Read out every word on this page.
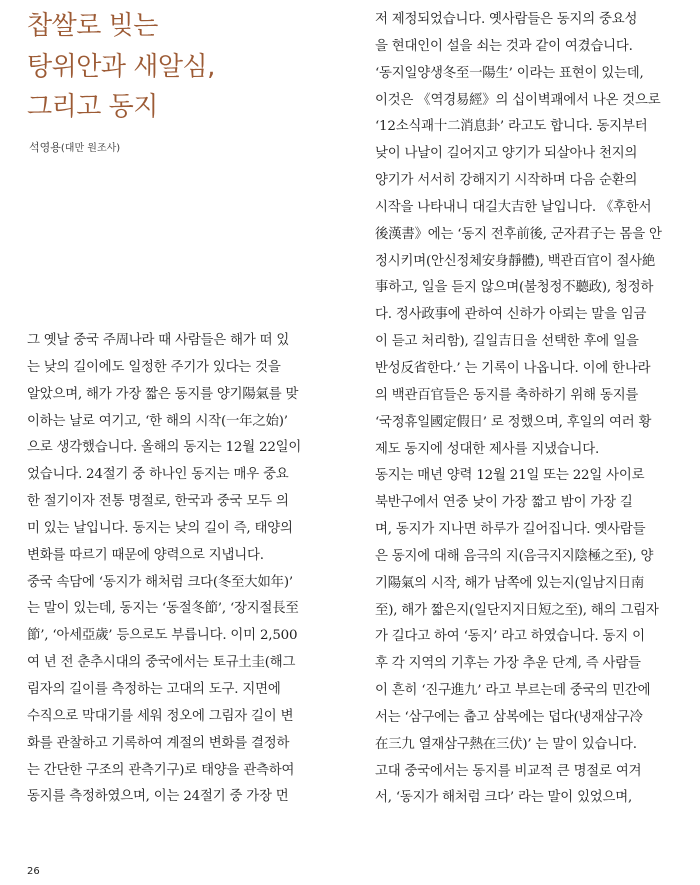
찹쌀로 빚는
탕위안과 새알심,
그리고 동지
석영용(대만 원조사)
그 옛날 중국 주周나라 때 사람들은 해가 떠 있
는 낮의 길이에도 일정한 주기가 있다는 것을
알았으며, 해가 가장 짧은 동지를 양기陽氣를 맞
이하는 날로 여기고, ‘한 해의 시작(一年之始)’
으로 생각했습니다. 올해의 동지는 12월 22일이
었습니다. 24절기 중 하나인 동지는 매우 중요
한 절기이자 전통 명절로, 한국과 중국 모두 의
미 있는 날입니다. 동지는 낮의 길이 즉, 태양의
변화를 따르기 때문에 양력으로 지냅니다.
중국 속담에 ‘동지가 해처럼 크다(冬至大如年)’
는 말이 있는데, 동지는 ‘동절冬節’, ‘장지절長至
節’, ‘아세亞歲’ 등으로도 부릅니다. 이미 2,500
여 년 전 춘추시대의 중국에서는 토규土圭(해그
림자의 길이를 측정하는 고대의 도구. 지면에
수직으로 막대기를 세워 정오에 그림자 길이 변
화를 관찰하고 기록하여 계절의 변화를 결정하
는 간단한 구조의 관측기구)로 태양을 관측하여
동지를 측정하였으며, 이는 24절기 중 가장 먼
저 제정되었습니다. 옛사람들은 동지의 중요성
을 현대인이 설을 쇠는 것과 같이 여겼습니다.
‘동지일양생冬至一陽生’ 이라는 표현이 있는데,
이것은 《역경易經》의 십이벽괘에서 나온 것으로
‘12소식괘十二消息卦’ 라고도 합니다. 동지부터
낮이 나날이 길어지고 양기가 되살아나 천지의
양기가 서서히 강해지기 시작하며 다음 순환의
시작을 나타내니 대길大吉한 날입니다. 《후한서
後漢書》에는 ‘동지 전후前後, 군자君子는 몸을 안
정시키며(안신정체安身靜體), 백관百官이 절사絶
事하고, 일을 듣지 않으며(불청정不聽政), 청정하
다. 정사政事에 관하여 신하가 아뢰는 말을 임금
이 듣고 처리함), 길일吉日을 선택한 후에 일을
반성反省한다.’ 는 기록이 나옵니다. 이에 한나라
의 백관百官들은 동지를 축하하기 위해 동지를
‘국정휴일國定假日’ 로 정했으며, 후일의 여러 황
제도 동지에 성대한 제사를 지냈습니다.
동지는 매년 양력 12월 21일 또는 22일 사이로
북반구에서 연중 낮이 가장 짧고 밤이 가장 길
며, 동지가 지나면 하루가 길어집니다. 옛사람들
은 동지에 대해 음극의 지(음극지지陰極之至), 양
기陽氣의 시작, 해가 남쪽에 있는지(일남지日南
至), 해가 짧은지(일단지지日短之至), 해의 그림자
가 길다고 하여 ‘동지’ 라고 하였습니다. 동지 이
후 각 지역의 기후는 가장 추운 단계, 즉 사람들
이 흔히 ‘진구進九’ 라고 부르는데 중국의 민간에
서는 ‘삼구에는 춥고 삼복에는 덥다(냉재삼구冷
在三九 열재삼구熱在三伏)’ 는 말이 있습니다.
고대 중국에서는 동지를 비교적 큰 명절로 여겨
서, ‘동지가 해처럼 크다’ 라는 말이 있었으며,
26
